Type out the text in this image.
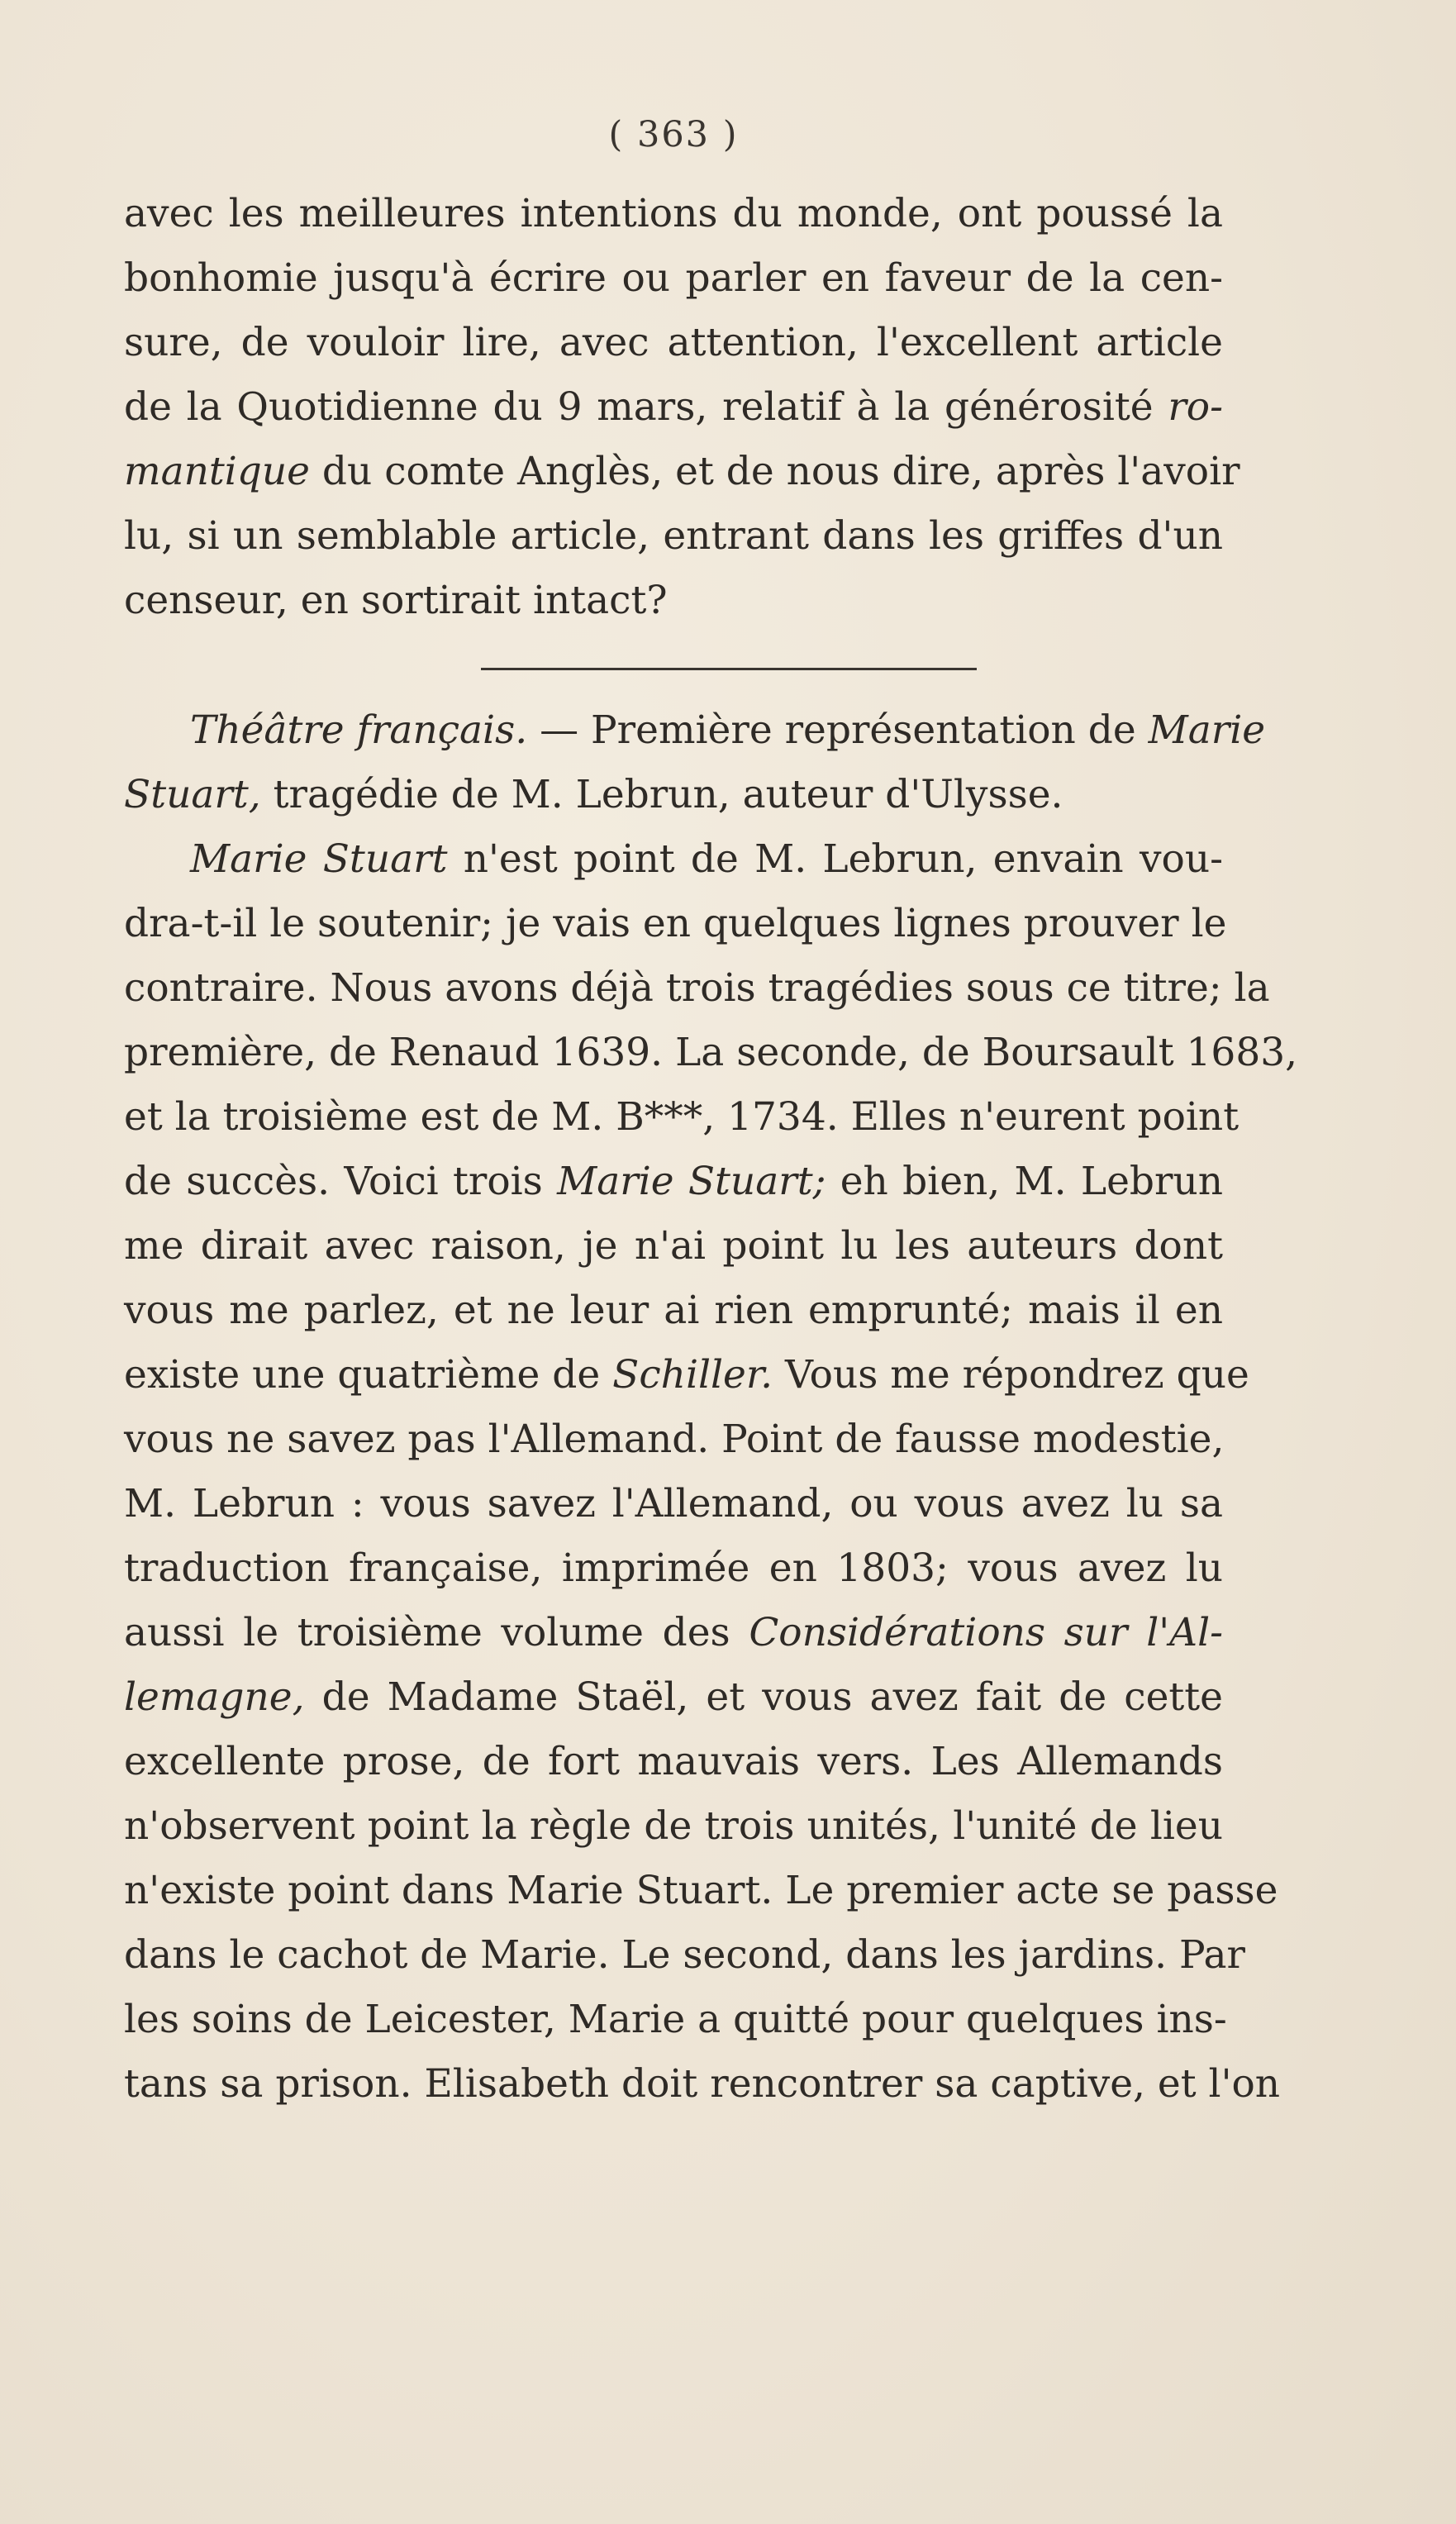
( 363 )
avec les meilleures intentions du monde, ont poussé la
bonhomie jusqu'à écrire ou parler en faveur de la cen-
sure, de vouloir lire, avec attention, l'excellent article
de la Quotidienne du 9 mars, relatif à la générosité ro-
mantique du comte Anglès, et de nous dire, après l'avoir
lu, si un semblable article, entrant dans les griffes d'un
censeur, en sortirait intact?
Théâtre français. — Première représentation de Marie
Stuart, tragédie de M. Lebrun, auteur d'Ulysse.
Marie Stuart n'est point de M. Lebrun, envain vou-
dra-t-il le soutenir; je vais en quelques lignes prouver le
contraire. Nous avons déjà trois tragédies sous ce titre; la
première, de Renaud 1639. La seconde, de Boursault 1683,
et la troisième est de M. B***, 1734. Elles n'eurent point
de succès. Voici trois Marie Stuart; eh bien, M. Lebrun
me dirait avec raison, je n'ai point lu les auteurs dont
vous me parlez, et ne leur ai rien emprunté; mais il en
existe une quatrième de Schiller. Vous me répondrez que
vous ne savez pas l'Allemand. Point de fausse modestie,
M. Lebrun : vous savez l'Allemand, ou vous avez lu sa
traduction française, imprimée en 1803; vous avez lu
aussi le troisième volume des Considérations sur l'Al-
lemagne, de Madame Staël, et vous avez fait de cette
excellente prose, de fort mauvais vers. Les Allemands
n'observent point la règle de trois unités, l'unité de lieu
n'existe point dans Marie Stuart. Le premier acte se passe
dans le cachot de Marie. Le second, dans les jardins. Par
les soins de Leicester, Marie a quitté pour quelques ins-
tans sa prison. Elisabeth doit rencontrer sa captive, et l'on
